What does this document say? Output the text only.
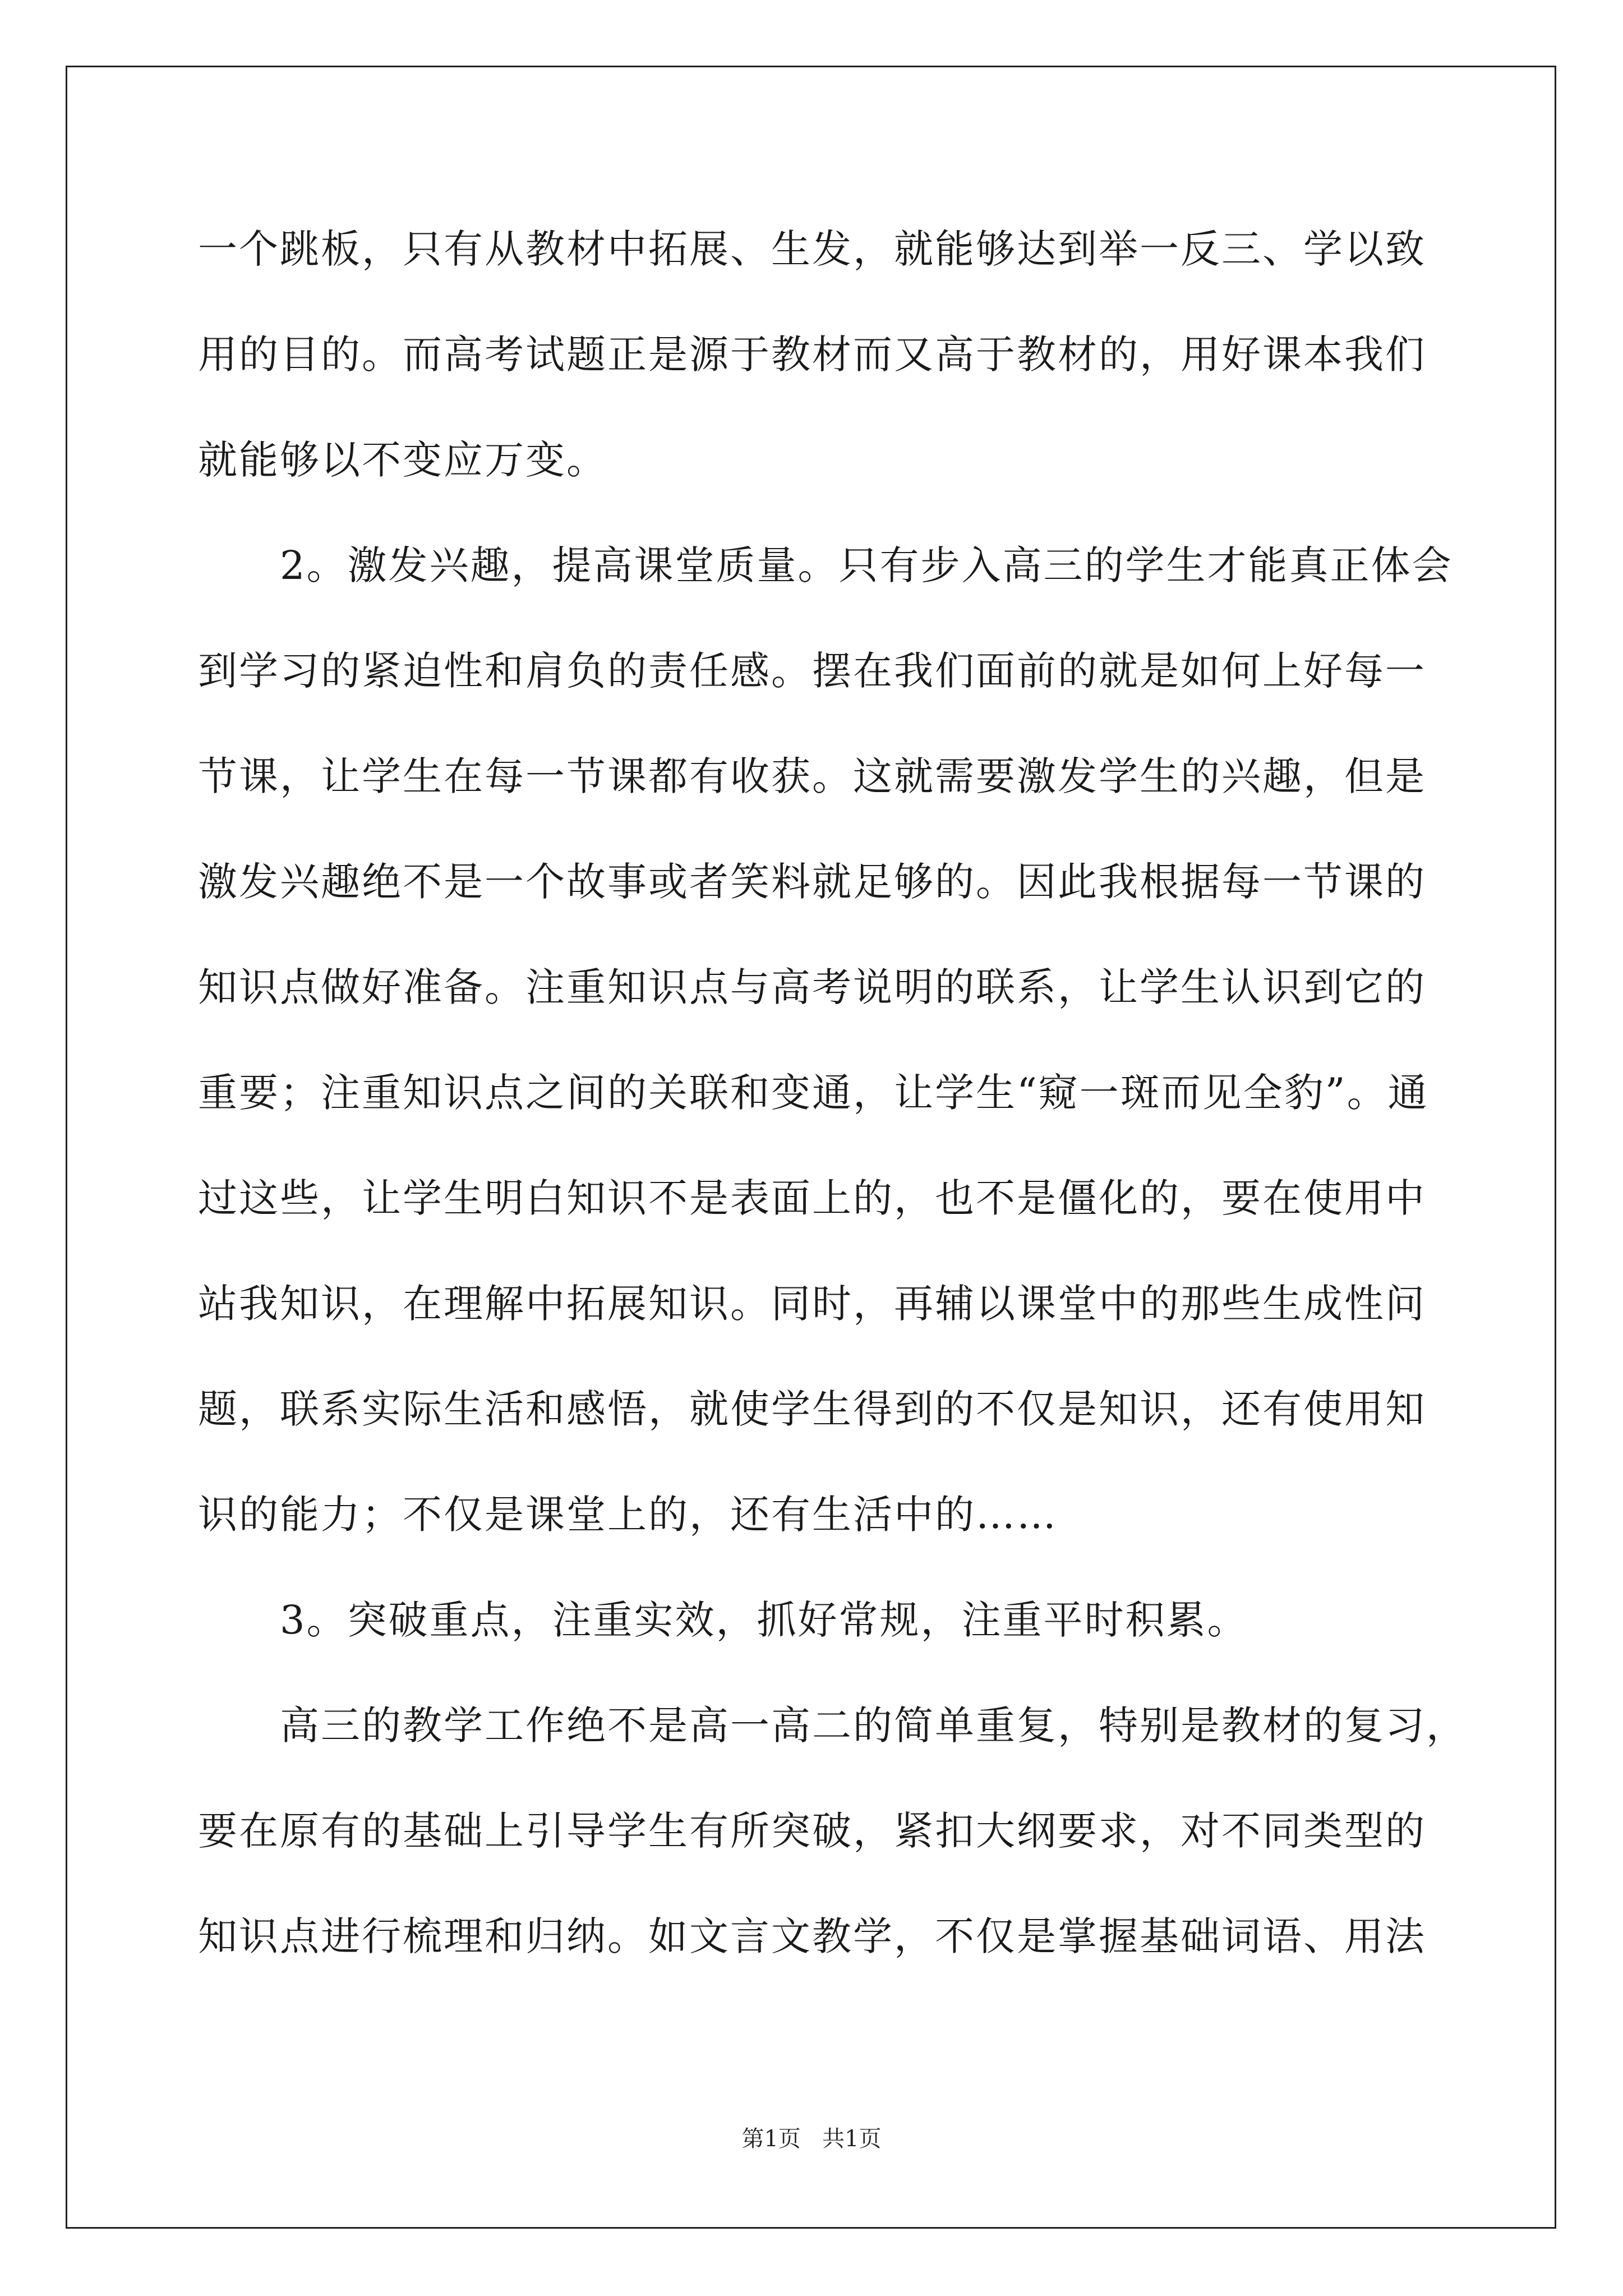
一个跳板，只有从教材中拓展、生发，就能够达到举一反三、学以致
用的目的。而高考试题正是源于教材而又高于教材的，用好课本我们
就能够以不变应万变。
2。激发兴趣，提高课堂质量。只有步入高三的学生才能真正体会
到学习的紧迫性和肩负的责任感。摆在我们面前的就是如何上好每一
节课，让学生在每一节课都有收获。这就需要激发学生的兴趣，但是
激发兴趣绝不是一个故事或者笑料就足够的。因此我根据每一节课的
知识点做好准备。注重知识点与高考说明的联系，让学生认识到它的
重要；注重知识点之间的关联和变通，让学生“窥一斑而见全豹”。通
过这些，让学生明白知识不是表面上的，也不是僵化的，要在使用中
站我知识，在理解中拓展知识。同时，再辅以课堂中的那些生成性问
题，联系实际生活和感悟，就使学生得到的不仅是知识，还有使用知
识的能力；不仅是课堂上的，还有生活中的……
3。突破重点，注重实效，抓好常规，注重平时积累。
高三的教学工作绝不是高一高二的简单重复，特别是教材的复习，
要在原有的基础上引导学生有所突破，紧扣大纲要求，对不同类型的
知识点进行梳理和归纳。如文言文教学，不仅是掌握基础词语、用法
第1页   共1页
